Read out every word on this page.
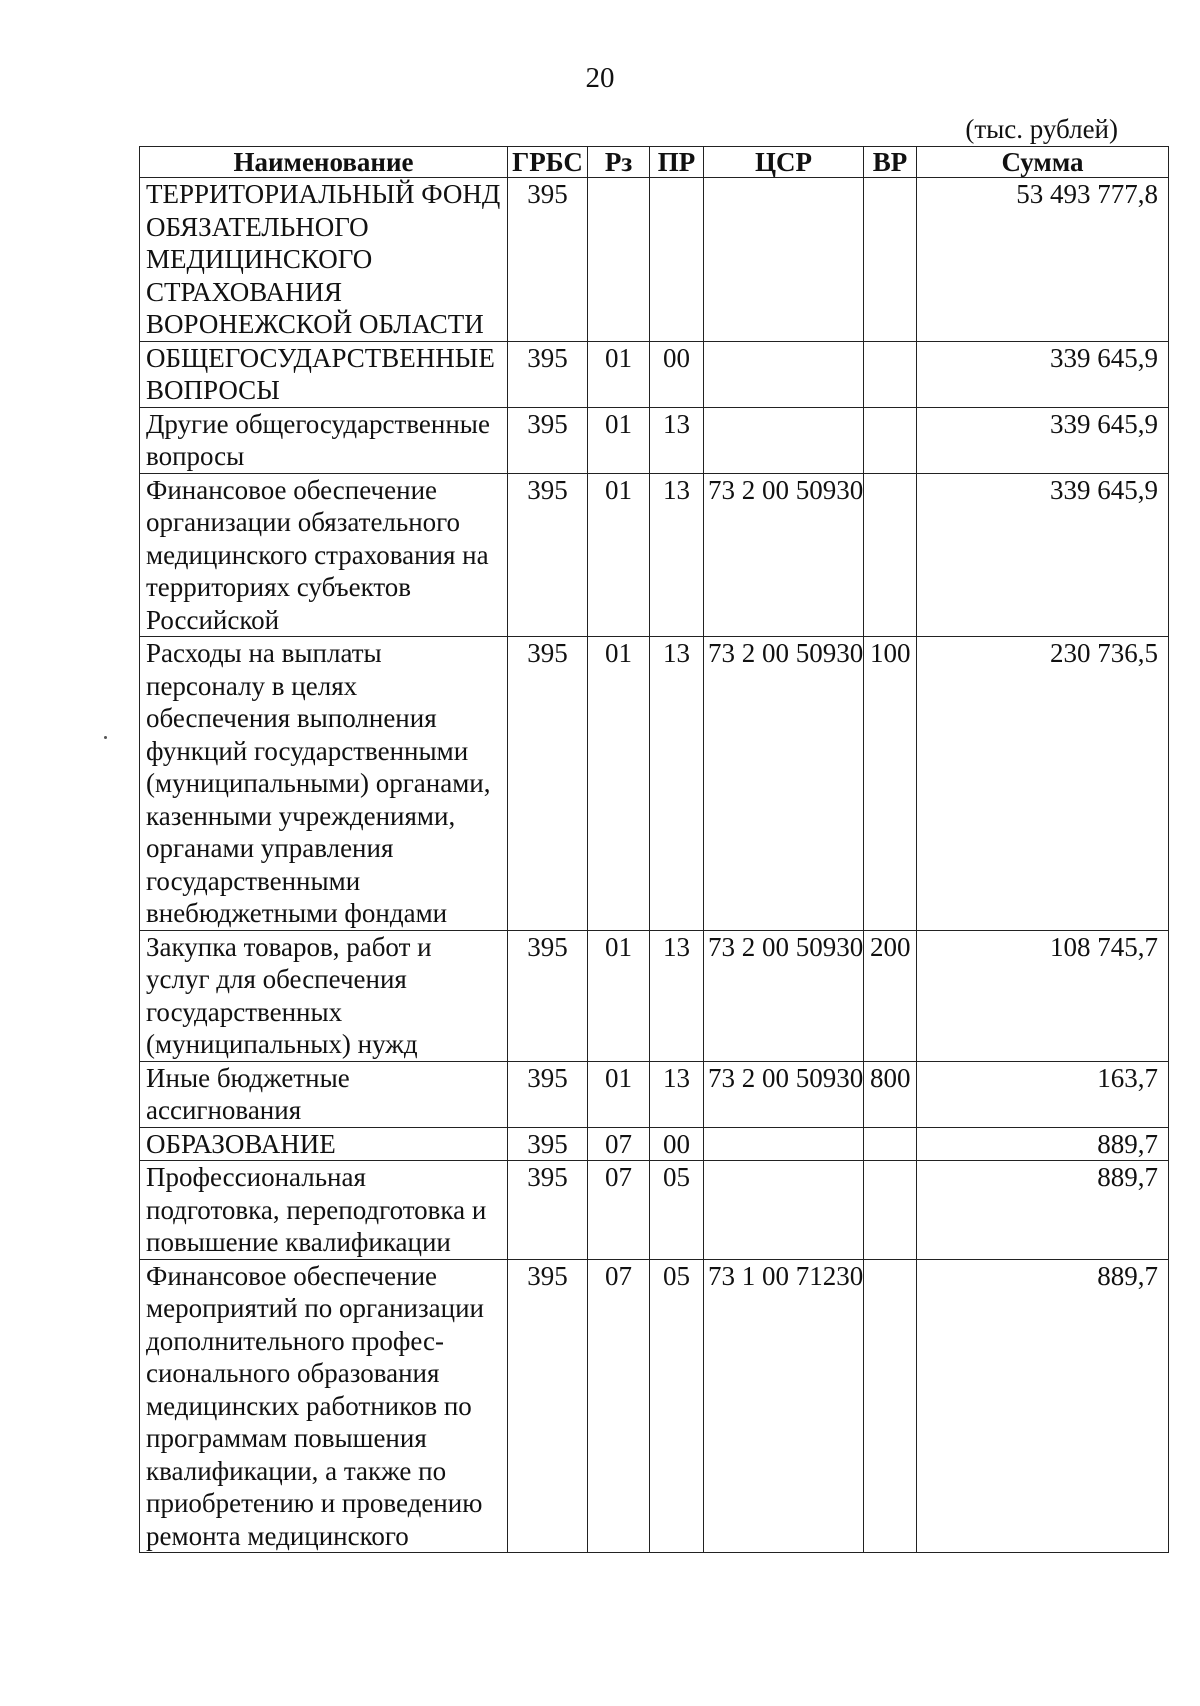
20
(тыс. рублей)
Наименование	ГРБС	Рз	ПР	ЦСР	ВР	Сумма
ТЕРРИТОРИАЛЬНЫЙ ФОНД ОБЯЗАТЕЛЬНОГО МЕДИЦИНСКОГО СТРАХОВАНИЯ ВОРОНЕЖСКОЙ ОБЛАСТИ	395					53 493 777,8
ОБЩЕГОСУДАРСТВЕННЫЕ ВОПРОСЫ	395	01	00			339 645,9
Другие общегосударственные вопросы	395	01	13			339 645,9
Финансовое обеспечение организации обязательного медицинского страхования на территориях субъектов Российской	395	01	13	73 2 00 50930		339 645,9
Расходы на выплаты персоналу в целях обеспечения выполнения функций государственными (муниципальными) органами, казенными учреждениями, органами управления государственными внебюджетными фондами	395	01	13	73 2 00 50930	100	230 736,5
Закупка товаров, работ и услуг для обеспечения государственных (муниципальных) нужд	395	01	13	73 2 00 50930	200	108 745,7
Иные бюджетные ассигнования	395	01	13	73 2 00 50930	800	163,7
ОБРАЗОВАНИЕ	395	07	00			889,7
Профессиональная подготовка, переподготовка и повышение квалификации	395	07	05			889,7
Финансовое обеспечение мероприятий по организации дополнительного профес-сионального образования медицинских работников по программам повышения квалификации, а также по приобретению и проведению ремонта медицинского	395	07	05	73 1 00 71230		889,7
